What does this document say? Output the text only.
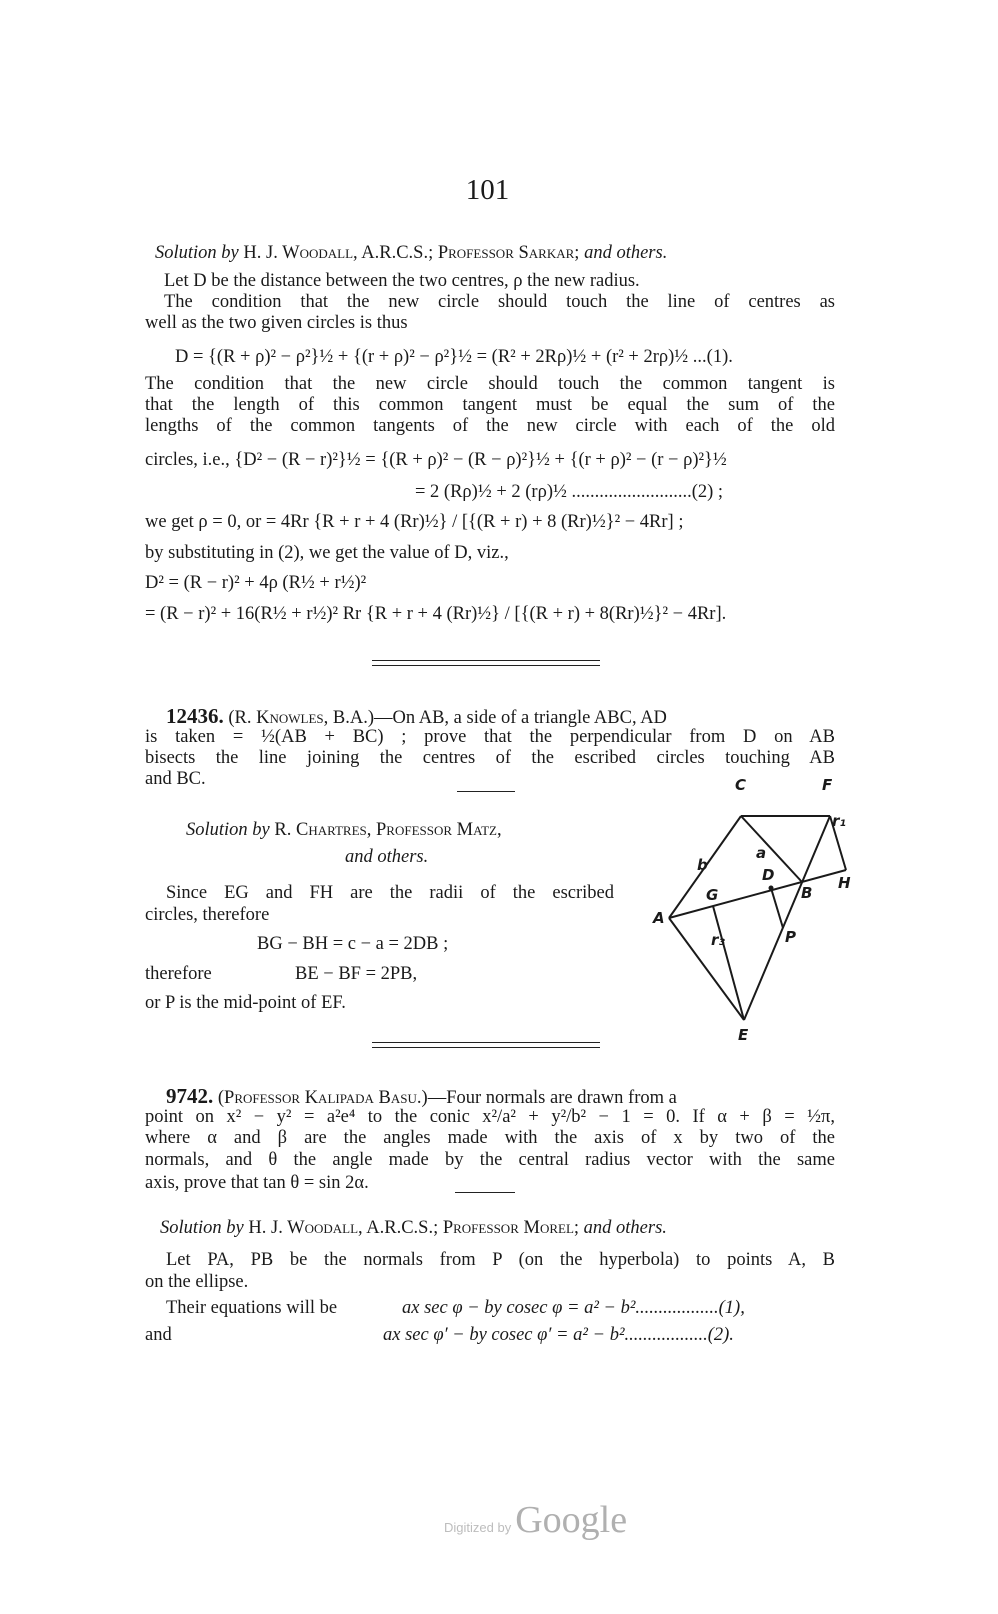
101
Solution by H. J. Woodall, A.R.C.S.; Professor Sarkar; and others.
Let D be the distance between the two centres, ρ the new radius.
The condition that the new circle should touch the line of centres as
well as the two given circles is thus
D = {(R + ρ)² − ρ²}½ + {(r + ρ)² − ρ²}½ = (R² + 2Rρ)½ + (r² + 2rρ)½ ...(1).
The condition that the new circle should touch the common tangent is
that the length of this common tangent must be equal the sum of the
lengths of the common tangents of the new circle with each of the old
circles, i.e., {D² − (R − r)²}½ = {(R + ρ)² − (R − ρ)²}½ + {(r + ρ)² − (r − ρ)²}½
= 2 (Rρ)½ + 2 (rρ)½ ..........................(2) ;
we get ρ = 0, or = 4Rr {R + r + 4 (Rr)½} / [{(R + r) + 8 (Rr)½}² − 4Rr] ;
by substituting in (2), we get the value of D, viz.,
D² = (R − r)² + 4ρ (R½ + r½)²
= (R − r)² + 16(R½ + r½)² Rr {R + r + 4 (Rr)½} / [{(R + r) + 8(Rr)½}² − 4Rr].
12436. (R. Knowles, B.A.)—On AB, a side of a triangle ABC, AD
is taken = ½(AB + BC) ; prove that the perpendicular from D on AB
bisects the line joining the centres of the escribed circles touching AB
and BC.
Solution by R. Chartres, Professor Matz,
and others.
Since EG and FH are the radii of the escribed
circles, therefore
BG − BH = c − a = 2DB ;
therefore	BE − BF = 2PB,
or P is the mid-point of EF.
C	F
r₁
a
b
D
B
H
G
A
r₃	P
E
9742. (Professor Kalipada Basu.)—Four normals are drawn from a
point on x² − y² = a²e⁴ to the conic x²/a² + y²/b² − 1 = 0. If α + β = ½π,
where α and β are the angles made with the axis of x by two of the
normals, and θ the angle made by the central radius vector with the same
axis, prove that tan θ = sin 2α.
Solution by H. J. Woodall, A.R.C.S.; Professor Morel; and others.
Let PA, PB be the normals from P (on the hyperbola) to points A, B
on the ellipse.
Their equations will be	ax sec φ − by cosec φ = a² − b²..................(1),
and	ax sec φ′ − by cosec φ′ = a² − b²..................(2).
Digitized by Google
